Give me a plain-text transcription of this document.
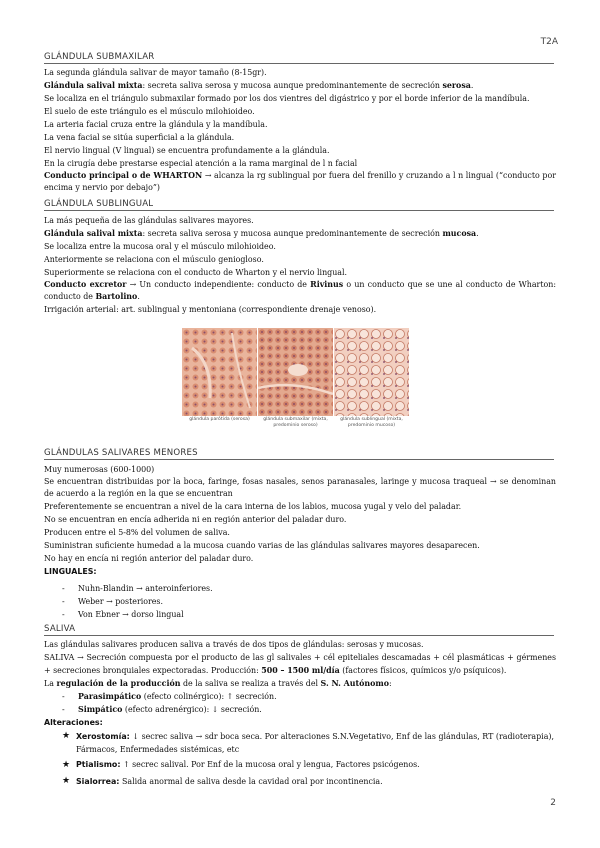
T2A
GLÁNDULA SUBMAXILAR
La segunda glándula salivar de mayor tamaño (8-15gr).
Glándula salival mixta: secreta saliva serosa y mucosa aunque predominantemente de secreción serosa.
Se localiza en el triángulo submaxilar formado por los dos vientres del digástrico y por el borde inferior de la mandíbula.
El suelo de este triángulo es el músculo milohioideo.
La arteria facial cruza entre la glándula y la mandíbula.
La vena facial se sitúa superficial a la glándula.
El nervio lingual (V lingual) se encuentra profundamente a la glándula.
En la cirugía debe prestarse especial atención a la rama marginal de l n facial
Conducto principal o de WHARTON → alcanza la rg sublingual por fuera del frenillo y cruzando a l n lingual (“conducto por encima y nervio por debajo”)
GLÁNDULA SUBLINGUAL
La más pequeña de las glándulas salivares mayores.
Glándula salival mixta: secreta saliva serosa y mucosa aunque predominantemente de secreción mucosa.
Se localiza entre la mucosa oral y el músculo milohioideo.
Anteriormente se relaciona con el músculo geniogloso.
Superiormente se relaciona con el conducto de Wharton y el nervio lingual.
Conducto excretor → Un conducto independiente: conducto de Rivinus o un conducto que se une al conducto de Wharton: conducto de Bartolino.
Irrigación arterial: art. sublingual y mentoniana (correspondiente drenaje venoso).
glándula parótida (serosa)	glándula submaxilar (mixta, predominio seroso)
glándula sublingual (mixta, predominio mucoso)
GLÁNDULAS SALIVARES MENORES
Muy numerosas (600-1000)
Se encuentran distribuidas por la boca, faringe, fosas nasales, senos paranasales, laringe y mucosa traqueal → se denominan de acuerdo a la región en la que se encuentran
Preferentemente se encuentran a nivel de la cara interna de los labios, mucosa yugal y velo del paladar.
No se encuentran en encía adherida ni en región anterior del paladar duro.
Producen entre el 5-8% del volumen de saliva.
Suministran suficiente humedad a la mucosa cuando varias de las glándulas salivares mayores desaparecen.
No hay en encía ni región anterior del paladar duro.
LINGUALES:
- Nuhn-Blandin → anteroinferiores.
- Weber → posteriores.
- Von Ebner → dorso lingual
SALIVA
Las glándulas salivares producen saliva a través de dos tipos de glándulas: serosas y mucosas.
SALIVA → Secreción compuesta por el producto de las gl salivales + cél epiteliales descamadas + cél plasmáticas + gérmenes + secreciones bronquiales expectoradas. Producción: 500 – 1500 ml/día (factores físicos, químicos y/o psíquicos).
La regulación de la producción de la saliva se realiza a través del S. N. Autónomo:
- Parasimpático (efecto colinérgico): ↑ secreción.
- Simpático (efecto adrenérgico): ↓ secreción.
Alteraciones:
★ Xerostomía: ↓ secrec saliva → sdr boca seca. Por alteraciones S.N.Vegetativo, Enf de las glándulas, RT (radioterapia), Fármacos, Enfermedades sistémicas, etc
★ Ptialismo: ↑ secrec salival. Por Enf de la mucosa oral y lengua, Factores psicógenos.
★ Sialorrea: Salida anormal de saliva desde la cavidad oral por incontinencia.
2
